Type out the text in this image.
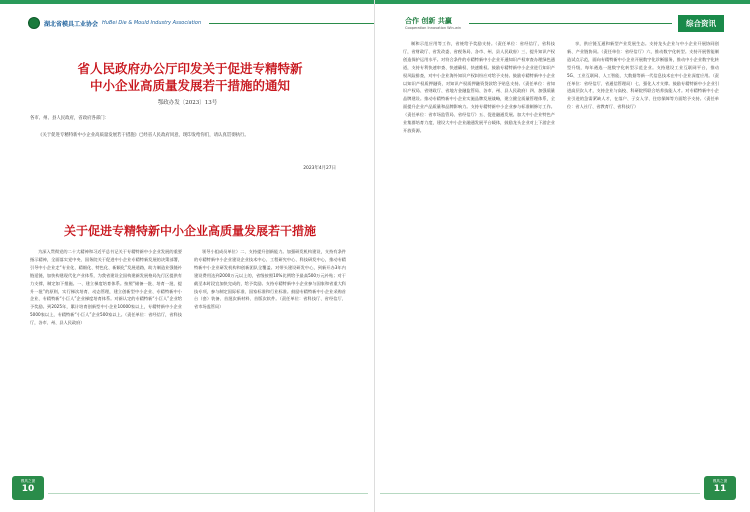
湖北省模具工业协会 HuBei Die & Mould Industry Association
省人民政府办公厅印发关于促进专精特新
中小企业高质量发展若干措施的通知
鄂政办发〔2023〕13号
各市、州、县人民政府，省政府各部门：
《关于促进专精特新中小企业高质量发展若干措施》已经省人民政府同意，现印发给你们，请认真贯彻执行。
2023年4月27日
关于促进专精特新中小企业高质量发展若干措施

为深入贯彻党的二十大精神和习近平总书记关于专精特新中小企业发展的重要指示精神，全面落实党中央、国务院关于促进中小企业专精特新发展的决策部署，引导中小企业走“专业化、精细化、特色化、新颖化”发展道路，助力制造业强链补链延链，加快构建现代化产业体系，为我省建设全国构建新发展格局先行区提供有力支撑，制定如下措施。一、建立梯度培育体系。按照“储备一批、培育一批、提升一批”的原则，实行梯次培育、动态管理，建立创新型中小企业、专精特新中小企业、专精特新“小巨人”企业梯度培育体系。对新认定的专精特新“小巨人”企业给予奖励。到2025年，累计培育创新型中小企业10000家以上，专精特新中小企业5000家以上，专精特新“小巨人”企业500家以上。（责任单位：省经信厅，省科技厅，各市、州、县人民政府）

领导小组成员单位）二、支持提升创新能力。加强研发机构建设，支持有条件的专精特新中小企业建设企业技术中心、工程研究中心、科技研发中心，推动专精特新中小企业研发机构和创新团队全覆盖。对带头建设研发中心，到新开办3年内建设费用达到2000万元以上的，省级按照10%比例给予最高500万元补贴；对于截至本时段宜加快完成的，给予奖励。支持专精特新中小企业参与国家和省重大科技专项，参与制定国际标准、国家标准和行业标准。鼓励专精特新中小企业采购首台（套）装备、首批次新材料、首版次软件。（责任单位：省科技厅、省经信厅、省市场监管局）

模具之窗
10
合作 创新 共赢
Cooperation Innovation Win-win
综合资讯

制和示范应用等工作，省统给予奖励支持。（责任单位：省经信厅，省科技厅，省财政厅、省发改委、省税务局、各市、州、县人民政府）三、提升知识产权创造保护运用水平。对符合条件的专精特新中小企业开通知识产权审查办理绿色通道，支持专利快速审查、快速确权、快速维权。鼓励专精特新中小企业进行知识产权风险排查，对中小企业海外知识产权纠纷应对给予支持。鼓励专精特新中小企业以知识产权质押融资，对知识产权质押融资贷款给予贴息支持。（责任单位：省知识产权局、省财政厅、省地方金融监管局、各市、州、县人民政府）四、加强质量品牌建设。推动专精特新中小企业实施品牌发展战略，建立健全质量管理体系，全面提升企业产品质量和品牌影响力。支持专精特新中小企业参与标准制修订工作。（责任单位：省市场监管局、省经信厅）五、促进融通发展。加大中小企业特色产业集群培育力度，建设大中小企业融通发展平台载体，鼓励龙头企业对上下游企业开放资源。

享，供应链互通和新型产业发展生态。支持龙头企业与中小企业开展协同创新、产业链协同。（责任单位：省经信厅）六、推动数字化转型。支持开展智能制造试点示范，面向专精特新中小企业开展数字化诊断服务，推动中小企业数字化转型升级，每年遴选一批数字化转型示范企业。支持建设工业互联网平台，推动5G、工业互联网、人工智能、大数据等新一代信息技术在中小企业深度应用。（责任单位：省经信厅、省通信管理局）七、强化人才支撑。鼓励专精特新中小企业引进高层次人才，支持企业与高校、科研院所联合培养技能人才。对专精特新中小企业引进的急需紧缺人才，在落户、子女入学、住房保障等方面给予支持。（责任单位：省人社厅、省教育厅、省科技厅）

模具之窗
11
